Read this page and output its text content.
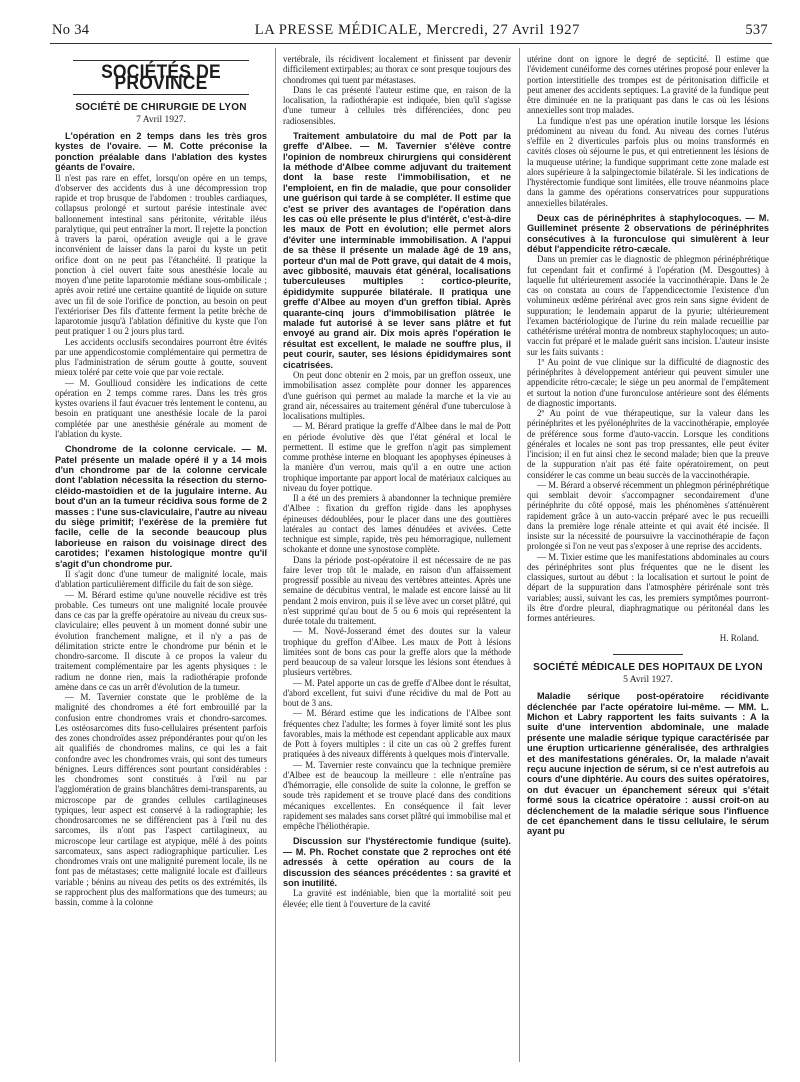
No 34	LA PRESSE MÉDICALE, Mercredi, 27 Avril 1927	537
SOCIÉTÉS DE PROVINCE
SOCIÉTÉ DE CHIRURGIE DE LYON
7 Avril 1927.
L'opération en 2 temps dans les très gros kystes de l'ovaire. — M. Cotte préconise la ponction préalable dans l'ablation des kystes géants de l'ovaire.

Il n'est pas rare en effet, lorsqu'on opère en un temps, d'observer des accidents dus à une décompression trop rapide et trop brusque de l'abdomen : troubles cardiaques, collapsus prolongé et surtout parésie intestinale avec ballonnement intestinal sans péritonite, véritable iléus paralytique, qui peut entraîner la mort. Il rejette la ponction à travers la paroi, opération aveugle qui a le grave inconvénient de laisser dans la paroi du kyste un petit orifice dont on ne peut pas l'étanchéité. Il pratique la ponction à ciel ouvert faite sous anesthésie locale au moyen d'une petite laparotomie médiane sous-ombilicale ; après avoir retiré une certaine quantité de liquide on suture avec un fil de soie l'orifice de ponction, au besoin on peut l'extérioriser Des fils d'attente ferment la petite brèche de laparotomie jusqu'à l'ablation définitive du kyste que l'on peut pratiquer 1 ou 2 jours plus tard.

Les accidents occlusifs secondaires pourront être évités par une appendicostomie complémentaire qui permettra de plus l'administration de sérum goutte à goutte, souvent mieux toléré par cette voie que par voie rectale.

— M. Goullioud considère les indications de cette opération en 2 temps comme rares. Dans les très gros kystes ovariens il faut évacuer très lentement le contenu, au besoin en pratiquant une anesthésie locale de la paroi complétée par une anesthésie générale au moment de l'ablation du kyste.

Chondrome de la colonne cervicale. — M. Patel présente un malade opéré il y a 14 mois d'un chondrome par de la colonne cervicale dont l'ablation nécessita la résection du sterno-cléido-mastoïdien et de la jugulaire interne. Au bout d'un an la tumeur récidiva sous forme de 2 masses : l'une sus-claviculaire, l'autre au niveau du siège primitif; l'exérèse de la première fut facile, celle de la seconde beaucoup plus laborieuse en raison du voisinage direct des carotides; l'examen histologique montre qu'il s'agit d'un chondrome pur.

Il s'agit donc d'une tumeur de malignité locale, mais d'ablation particulièrement difficile du fait de son siège.

— M. Bérard estime qu'une nouvelle récidive est très probable. Ces tumeurs ont une malignité locale prouvée dans ce cas par la greffe opératoire au niveau du creux sus-claviculaire; elles peuvent à un moment donné subir une évolution franchement maligne, et il n'y a pas de délimitation stricte entre le chondrome pur bénin et le chondro-sarcome. Il discute à ce propos la valeur du traitement complémentaire par les agents physiques : le radium ne donne rien, mais la radiothérapie profonde amène dans ce cas un arrêt d'évolution de la tumeur.

— M. Tavernier constate que le problème de la malignité des chondromes a été fort embrouillé par la confusion entre chondromes vrais et chondro-sarcomes. Les ostéosarcomes dits fuso-cellulaires présentent parfois des zones chondroïdes assez prépondérantes pour qu'on les ait qualifiés de chondromes malins, ce qui les a fait confondre avec les chondromes vrais, qui sont des tumeurs bénignes. Leurs différences sont pourtant considérables : les chondromes sont constitués à l'œil nu par l'agglomération de grains blanchâtres demi-transparents, au microscope par de grandes cellules cartilagineuses typiques, leur aspect est conservé à la radiographie; les chondrosarcomes ne se différencient pas à l'œil nu des sarcomes, ils n'ont pas l'aspect cartilagineux, au microscope leur cartilage est atypique, mêlé à des points sarcomateux, sans aspect radiographique particulier. Les chondromes vrais ont une malignité purement locale, ils ne font pas de métastases; cette malignité locale est d'ailleurs variable ; bénins au niveau des petits os des extrémités, ils se rapprochent plus des malformations que des tumeurs; au bassin, comme à la colonne

vertébrale, ils récidivent localement et finissent par devenir difficilement extirpables; au thorax ce sont presque toujours des chondromes qui tuent par métastases.

Dans le cas présenté l'auteur estime que, en raison de la localisation, la radiothérapie est indiquée, bien qu'il s'agisse d'une tumeur à cellules très différenciées, donc peu radiosensibles.

Traitement ambulatoire du mal de Pott par la greffe d'Albee. — M. Tavernier s'élève contre l'opinion de nombreux chirurgiens qui considèrent la méthode d'Albee comme adjuvant du traitement dont la base reste l'immobilisation, et ne l'emploient, en fin de maladie, que pour consolider une guérison qui tarde à se compléter. Il estime que c'est se priver des avantages de l'opération dans les cas où elle présente le plus d'intérêt, c'est-à-dire les maux de Pott en évolution; elle permet alors d'éviter une interminable immobilisation. A l'appui de sa thèse il présente un malade âgé de 19 ans, porteur d'un mal de Pott grave, qui datait de 4 mois, avec gibbosité, mauvais état général, localisations tuberculeuses multiples : cortico-pleurite, épididymite suppurée bilatérale. Il pratiqua une greffe d'Albee au moyen d'un greffon tibial. Après quarante-cinq jours d'immobilisation plâtrée le malade fut autorisé à se lever sans plâtre et fut envoyé au grand air. Dix mois après l'opération le résultat est excellent, le malade ne souffre plus, il peut courir, sauter, ses lésions épididymaires sont cicatrisées.

On peut donc obtenir en 2 mois, par un greffon osseux, une immobilisation assez complète pour donner les apparences d'une guérison qui permet au malade la marche et la vie au grand air, nécessaires au traitement général d'une tuberculose à localisations multiples.

— M. Bérard pratique la greffe d'Albee dans le mal de Pott en période évolutive dès que l'état général et local le permettent. Il estime que le greffon n'agit pas simplement comme prothèse interne en bloquant les apophyses épineuses à la manière d'un verrou, mais qu'il a en outre une action trophique importante par apport local de matériaux calciques au niveau du foyer pottique.

Il a été un des premiers à abandonner la technique première d'Albee : fixation du greffon rigide dans les apophyses épineuses dédoublées, pour le placer dans une des gouttières latérales au contact des lames dénudées et avivées. Cette technique est simple, rapide, très peu hémorragique, nullement schokante et donne une synostose complète.

Dans la période post-opératoire il est nécessaire de ne pas faire lever trop tôt le malade, en raison d'un affaissement progressif possible au niveau des vertèbres atteintes. Après une semaine de décubitus ventral, le malade est encore laissé au lit pendant 2 mois environ, puis il se lève avec un corset plâtré, qui n'est supprimé qu'au bout de 5 ou 6 mois qui représentent la durée totale du traitement.

— M. Nové-Josserand émet des doutes sur la valeur trophique du greffon d'Albee. Les maux de Pott à lésions limitées sont de bons cas pour la greffe alors que la méthode perd beaucoup de sa valeur lorsque les lésions sont étendues à plusieurs vertèbres.

— M. Patel apporte un cas de greffe d'Albee dont le résultat, d'abord excellent, fut suivi d'une récidive du mal de Pott au bout de 3 ans.

— M. Bérard estime que les indications de l'Albee sont fréquentes chez l'adulte; les formes à foyer limité sont les plus favorables, mais la méthode est cependant applicable aux maux de Pott à foyers multiples : il cite un cas où 2 greffes furent pratiquées à des niveaux différents à quelques mois d'intervalle.

— M. Tavernier reste convaincu que la technique première d'Albee est de beaucoup la meilleure : elle n'entraîne pas d'hémorragie, elle consolide de suite la colonne, le greffon se soude très rapidement et se trouve placé dans des conditions mécaniques excellentes. En conséquence il fait lever rapidement ses malades sans corset plâtré qui immobilise mal et empêche l'héliothérapie.

Discussion sur l'hystérectomie fundique (suite). — M. Ph. Rochet constate que 2 reproches ont été adressés à cette opération au cours de la discussion des séances précédentes : sa gravité et son inutilité.

La gravité est indéniable, bien que la mortalité soit peu élevée; elle tient à l'ouverture de la cavité

utérine dont on ignore le degré de septicité. Il estime que l'évidement cunéiforme des cornes utérines proposé pour enlever la portion interstitielle des trompes est de péritonisation difficile et peut amener des accidents septiques. La gravité de la fundique peut être diminuée en ne la pratiquant pas dans le cas où les lésions annexielles sont trop malades.

La fundique n'est pas une opération inutile lorsque les lésions prédominent au niveau du fond. Au niveau des cornes l'utérus s'effile en 2 diverticules parfois plus ou moins transformés en cavités closes où séjourne le pus, et qui entretiennent les lésions de la muqueuse utérine; la fundique supprimant cette zone malade est alors supérieure à la salpingectomie bilatérale. Si les indications de l'hystérectomie fundique sont limitées, elle trouve néanmoins place dans la gamme des opérations conservatrices pour suppurations annexielles bilatérales.

Deux cas de périnéphrites à staphylocoques. — M. Guilleminet présente 2 observations de périnéphrites consécutives à la furonculose qui simulèrent à leur début l'appendicite rétro-cæcale.

Dans un premier cas le diagnostic de phlegmon périnéphrétique fut cependant fait et confirmé à l'opération (M. Desgouttes) à laquelle fut ultérieurement associée la vaccinothérapie. Dans le 2e cas on constata au cours de l'appendicectomie l'existence d'un volumineux œdème périrénal avec gros rein sans signe évident de suppuration; le lendemain apparut de la pyurie; ultérieurement l'examen bactériologique de l'urine du rein malade recueillie par cathétérisme urétéral montra de nombreux staphylocoques; un auto-vaccin fut préparé et le malade guérit sans incision. L'auteur insiste sur les faits suivants :

1º Au point de vue clinique sur la difficulté de diagnostic des périnéphrites à développement antérieur qui peuvent simuler une appendicite rétro-cæcale; le siège un peu anormal de l'empâtement et surtout la notion d'une furonculose antérieure sont des éléments de diagnostic importants.

2º Au point de vue thérapeutique, sur la valeur dans les périnéphrites et les pyélonéphrites de la vaccinothérapie, employée de préférence sous forme d'auto-vaccin. Lorsque les conditions générales et locales ne sont pas trop pressantes, elle peut éviter l'incision; il en fut ainsi chez le second malade; bien que la preuve de la suppuration n'ait pas été faite opératoirement, on peut considérer le cas comme un beau succès de la vaccinothérapie.

— M. Bérard a observé récemment un phlegmon périnéphrétique qui semblait devoir s'accompagner secondairement d'une périnéphrite du côté opposé, mais les phénomènes s'atténuèrent rapidement grâce à un auto-vaccin préparé avec le pus recueilli dans la première loge rénale atteinte et qui avait été incisée. Il insiste sur la nécessité de poursuivre la vaccinothérapie de façon prolongée si l'on ne veut pas s'exposer à une reprise des accidents.

— M. Tixier estime que les manifestations abdominales au cours des périnéphrites sont plus fréquentes que ne le disent les classiques, surtout au début : la localisation et surtout le point de départ de la suppuration dans l'atmosphère périrénale sont très variables; aussi, suivant les cas, les premiers symptômes pourront-ils être d'ordre pleural, diaphragmatique ou péritonéal dans les formes antérieures.

H. Roland.
SOCIÉTÉ MÉDICALE DES HOPITAUX DE LYON
5 Avril 1927.
Maladie sérique post-opératoire récidivante déclenchée par l'acte opératoire lui-même. — MM. L. Michon et Labry rapportent les faits suivants : A la suite d'une intervention abdominale, une malade présente une maladie sérique typique caractérisée par une éruption urticarienne généralisée, des arthralgies et des manifestations générales. Or, la malade n'avait reçu aucune injection de sérum, si ce n'est autrefois au cours d'une diphtérie. Au cours des suites opératoires, on dut évacuer un épanchement séreux qui s'était formé sous la cicatrice opératoire : aussi croit-on au déclenchement de la maladie sérique sous l'influence de cet épanchement dans le tissu cellulaire, le sérum ayant pu
